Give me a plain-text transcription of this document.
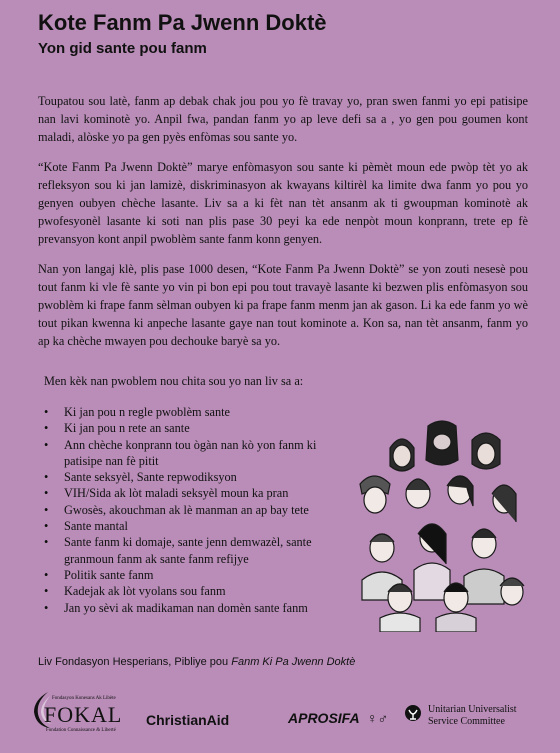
Kote Fanm Pa Jwenn Doktè
Yon gid sante pou fanm

Toupatou sou latè, fanm ap debak chak jou pou yo fè travay yo, pran swen fanmi yo epi patisipe nan lavi kominotè yo. Anpil fwa, pandan fanm yo ap leve defi sa a , yo gen pou goumen kont maladi, alòske yo pa gen pyès enfòmas sou sante yo.

“Kote Fanm Pa Jwenn Doktè” marye enfòmasyon sou sante ki pèmèt moun ede pwòp tèt yo ak refleksyon sou ki jan lamizè, diskriminasyon ak kwayans kiltirèl ka limite dwa fanm yo pou yo genyen oubyen chèche lasante. Liv sa a ki fèt nan tèt ansanm ak ti gwoupman kominotè ak pwofesyonèl lasante ki soti nan plis pase 30 peyi ka ede nenpòt moun konprann, trete ep fè prevansyon kont anpil pwoblèm sante fanm konn genyen.

Nan yon langaj klè, plis pase 1000 desen, “Kote Fanm Pa Jwenn Doktè” se yon zouti nesesè pou tout fanm ki vle fè sante yo vin pi bon epi pou tout travayè lasante ki bezwen plis enfòmasyon sou pwoblèm ki frape fanm sèlman oubyen ki pa frape fanm menm jan ak gason. Li ka ede fanm yo wè tout pikan kwenna ki anpeche lasante gaye nan tout kominote a. Kon sa, nan tèt ansanm, fanm yo ap ka chèche mwayen pou dechouke baryè sa yo.

Men kèk nan pwoblem nou chita sou yo nan liv sa a:
• Ki jan pou n regle pwoblèm sante
• Ki jan pou n rete an sante
• Ann chèche konprann tou ògàn nan kò yon fanm ki patisipe nan fè pitit
• Sante seksyèl, Sante repwodiksyon
• VIH/Sida ak lòt maladi seksyèl moun ka pran
• Gwosès, akouchman ak lè manman an ap bay tete
• Sante mantal
• Sante fanm ki domaje, sante jenn demwazèl, sante granmoun fanm ak sante fanm refijye
• Politik sante fanm
• Kadejak ak lòt vyolans sou fanm
• Jan yo sèvi ak madikaman nan domèn sante fanm
Liv Fondasyon Hesperians, Pibliye pou Fanm Ki Pa Jwenn Doktè
Fondasyon Konesans Ak Libète
FOKAL
Fondation Connaissance & Liberté
ChristianAid	APROSIFA ♀♂
Unitarian Universalist
Service Committee
